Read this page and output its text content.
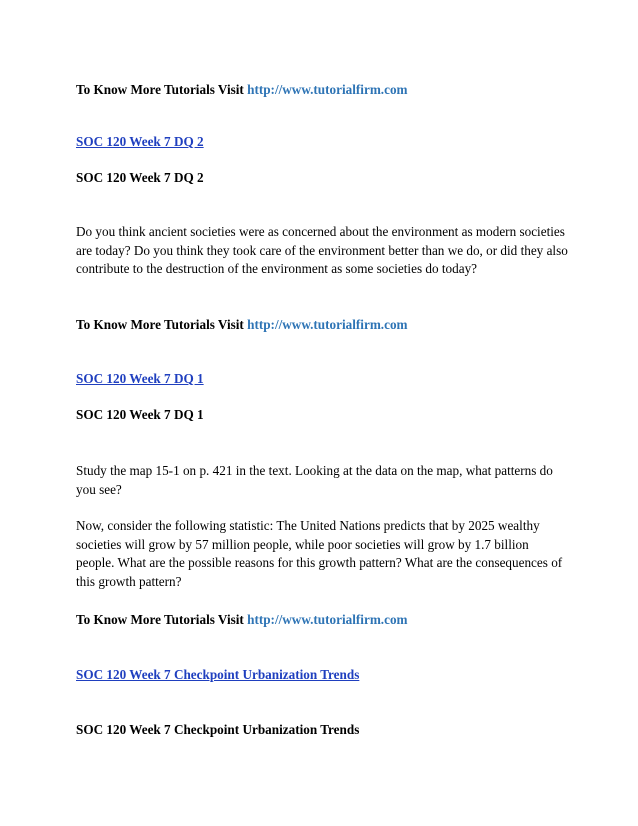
To Know More Tutorials Visit http://www.tutorialfirm.com
SOC 120 Week 7 DQ 2
SOC 120 Week 7 DQ 2
Do you think ancient societies were as concerned about the environment as modern societies are today? Do you think they took care of the environment better than we do, or did they also contribute to the destruction of the environment as some societies do today?
To Know More Tutorials Visit http://www.tutorialfirm.com
SOC 120 Week 7 DQ 1
SOC 120 Week 7 DQ 1
Study the map 15-1 on p. 421 in the text. Looking at the data on the map, what patterns do you see?
Now, consider the following statistic: The United Nations predicts that by 2025 wealthy societies will grow by 57 million people, while poor societies will grow by 1.7 billion people. What are the possible reasons for this growth pattern? What are the consequences of this growth pattern?
To Know More Tutorials Visit http://www.tutorialfirm.com
SOC 120 Week 7 Checkpoint Urbanization Trends
SOC 120 Week 7 Checkpoint Urbanization Trends
